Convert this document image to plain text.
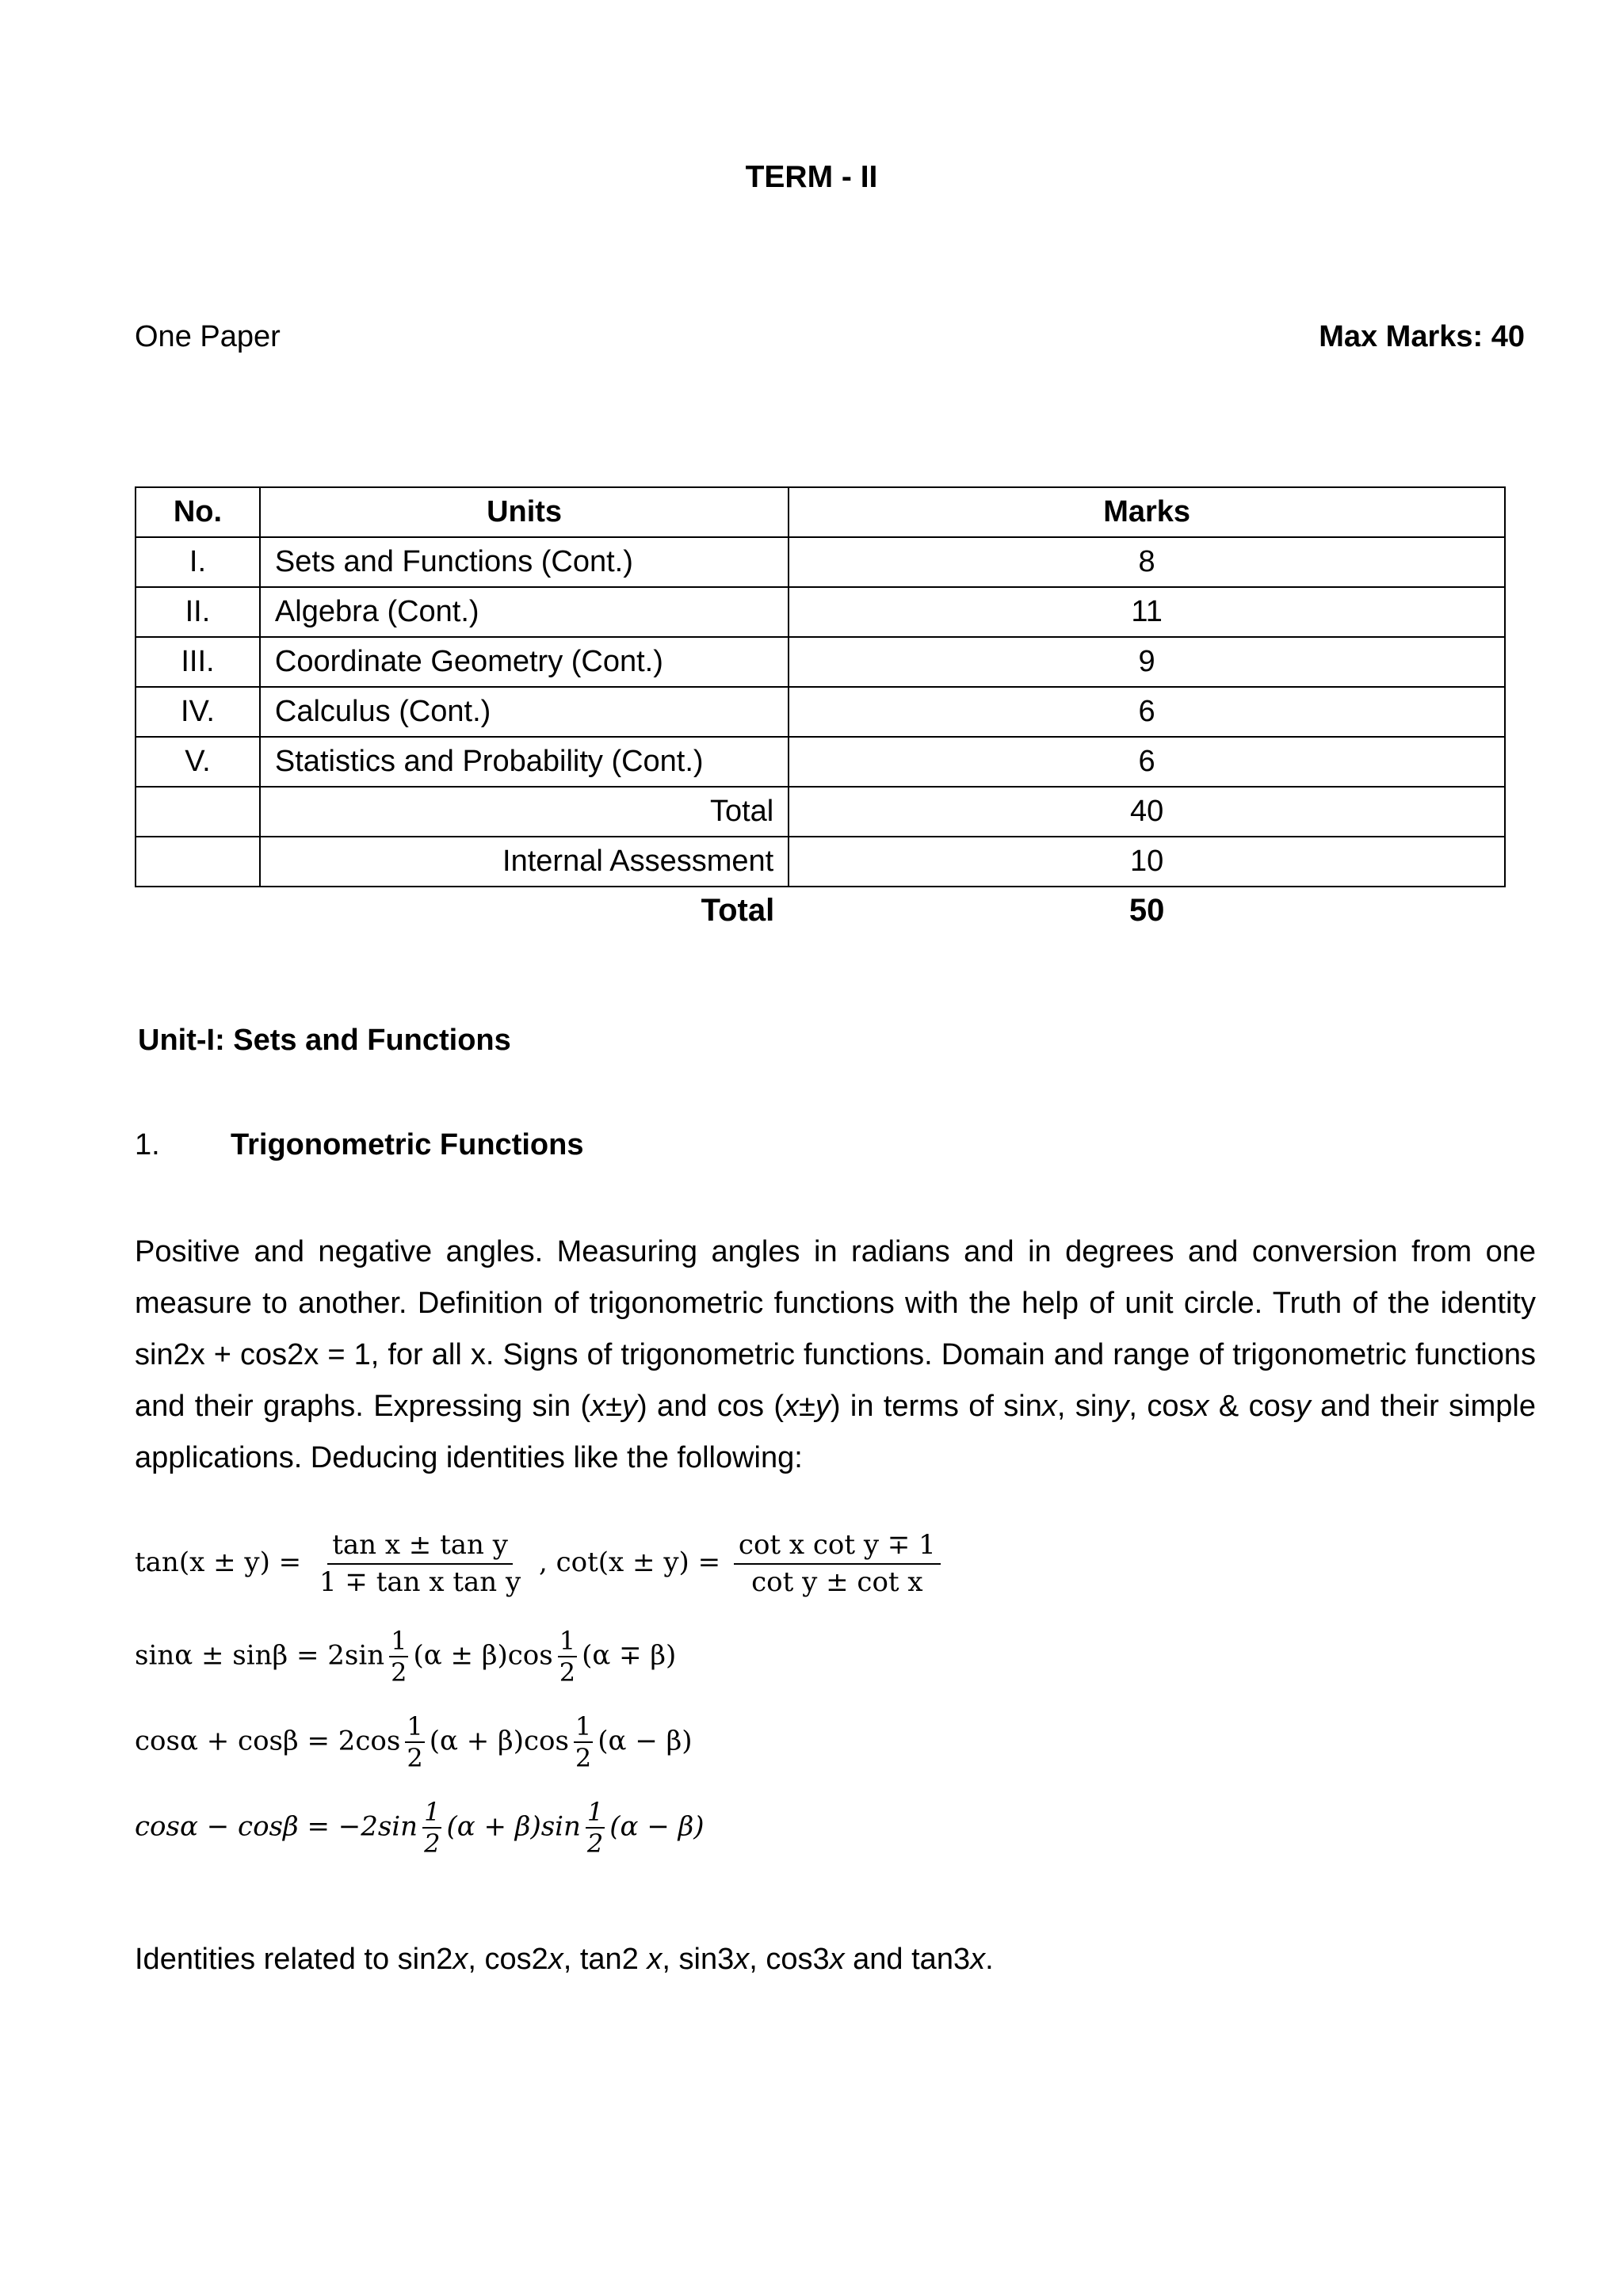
TERM - II
One Paper	Max Marks: 40
No.	Units	Marks
I.	Sets and Functions (Cont.)	8
II.	Algebra (Cont.)	11
III.	Coordinate Geometry (Cont.)	9
IV.	Calculus (Cont.)	6
V.	Statistics and Probability (Cont.)	6
	Total	40
	Internal Assessment	10
	Total	50
Unit-I: Sets and Functions
1. Trigonometric Functions
Positive and negative angles. Measuring angles in radians and in degrees and conversion from one measure to another. Definition of trigonometric functions with the help of unit circle. Truth of the identity sin2x + cos2x = 1, for all x. Signs of trigonometric functions. Domain and range of trigonometric functions and their graphs. Expressing sin (x±y) and cos (x±y) in terms of sinx, siny, cosx & cosy and their simple applications. Deducing identities like the following:
$\tan(x \pm y) = \frac{\text{tan x ± tan y}}{\text{1 ∓ tan x tan y}}$ , $\cot(x \pm y) = \frac{\text{cot x cot y ∓ 1}}{\text{cot y ± cot x}}$
$\sin\alpha \pm \sin\beta = 2\sin \frac{1}{2} (\alpha \pm \beta)\cos \frac{1}{2} (\alpha \mp \beta)$
$\cos\alpha + \cos\beta = 2\cos \frac{1}{2} (\alpha + \beta)\cos \frac{1}{2} (\alpha - \beta)$
$\cos\alpha - \cos\beta = -2\sin \frac{1}{2} (\alpha + \beta)\sin \frac{1}{2} (\alpha - \beta)$
Identities related to sin2x, cos2x, tan2 x, sin3x, cos3x and tan3x.
